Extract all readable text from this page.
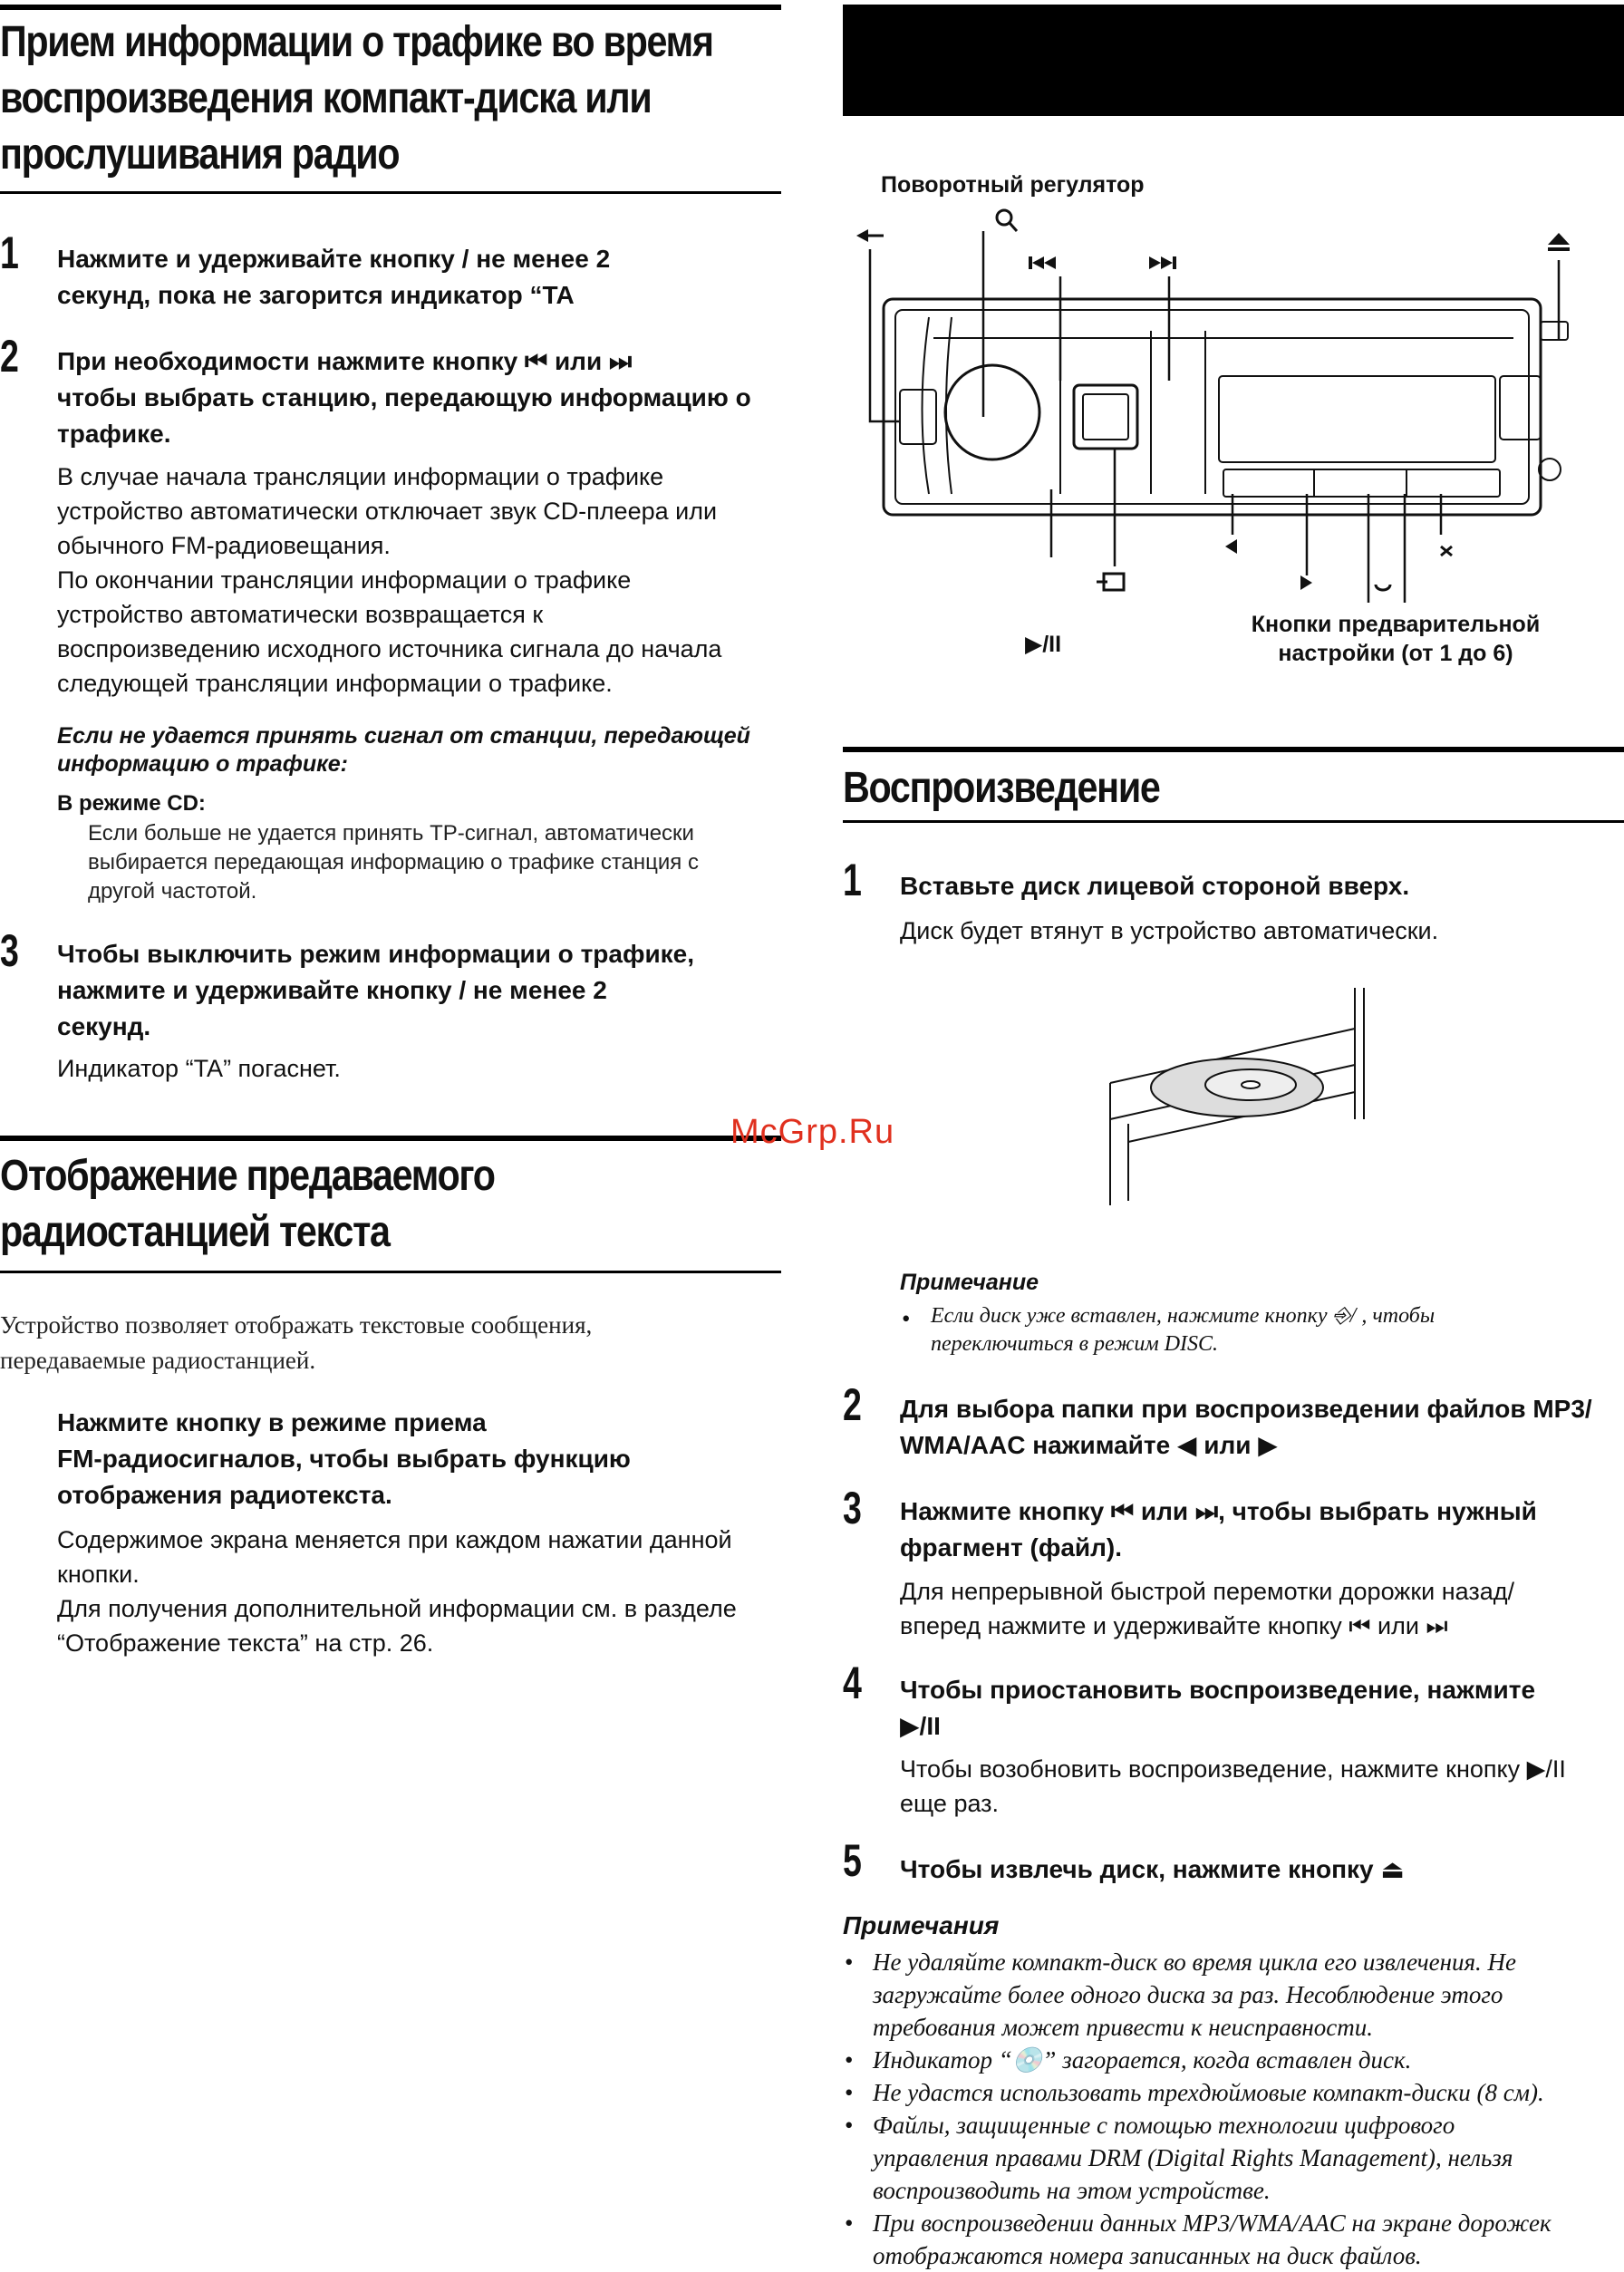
Прием информации о трафике во время
воспроизведения компакт-диска или
прослушивания радио
1 Нажмите и удерживайте кнопку / не менее 2
секунд, пока не загорится индикатор “TA
2 При необходимости нажмите кнопку ⏮ или ⏭
чтобы выбрать станцию, передающую информацию о
трафике.
В случае начала трансляции информации о трафике
устройство автоматически отключает звук CD-плеера или
обычного FM-радиовещания.
По окончании трансляции информации о трафике
устройство автоматически возвращается к
воспроизведению исходного источника сигнала до начала
следующей трансляции информации о трафике.
Если не удается принять сигнал от станции, передающей
информацию о трафике:
В режиме CD:
Если больше не удается принять TP-сигнал, автоматически
выбирается передающая информацию о трафике станция с
другой частотой.
3 Чтобы выключить режим информации о трафике,
нажмите и удерживайте кнопку / не менее 2
секунд.
Индикатор “TA” погаснет.
Отображение предаваемого
радиостанцией текста
Устройство позволяет отображать текстовые сообщения,
передаваемые радиостанцией.
Нажмите кнопку в режиме приема
FM-радиосигналов, чтобы выбрать функцию
отображения радиотекста.
Содержимое экрана меняется при каждом нажатии данной
кнопки.
Для получения дополнительной информации см. в разделе
“Отображение текста” на стр. 26.
McGrp.Ru
Поворотный регулятор
▶/II
Кнопки предварительной
настройки (от 1 до 6)
Воспроизведение
1 Вставьте диск лицевой стороной вверх.
Диск будет втянут в устройство автоматически.
Примечание
• Если диск уже вставлен, нажмите кнопку ⎆/ , чтобы
переключиться в режим DISC.
2 Для выбора папки при воспроизведении файлов MP3/
WMA/AAC нажимайте ◀ или ▶
3 Нажмите кнопку ⏮ или ⏭, чтобы выбрать нужный
фрагмент (файл).
Для непрерывной быстрой перемотки дорожки назад/
вперед нажмите и удерживайте кнопку ⏮ или ⏭
4 Чтобы приостановить воспроизведение, нажмите
▶/II
Чтобы возобновить воспроизведение, нажмите кнопку ▶/II
еще раз.
5 Чтобы извлечь диск, нажмите кнопку ⏏
Примечания
• Не удаляйте компакт-диск во время цикла его извлечения. Не
загружайте более одного диска за раз. Несоблюдение этого
требования может привести к неисправности.
• Индикатор “💿” загорается, когда вставлен диск.
• Не удастся использовать трехдюймовые компакт-диски (8 см).
• Файлы, защищенные с помощью технологии цифрового
управления правами DRM (Digital Rights Management), нельзя
воспроизводить на этом устройстве.
• При воспроизведении данных MP3/WMA/AAC на экране дорожек
отображаются номера записанных на диск файлов.
